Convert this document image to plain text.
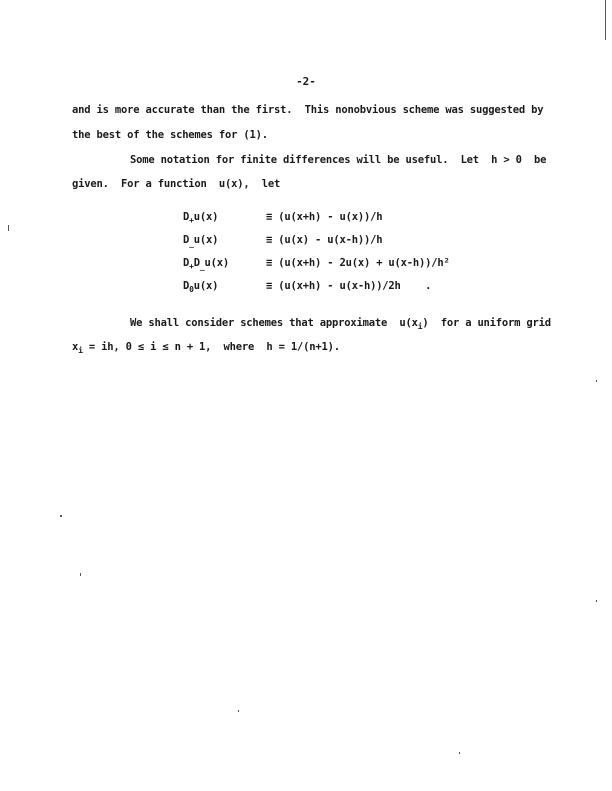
-2-
and is more accurate than the first.  This nonobvious scheme was suggested by
the best of the schemes for (1).
Some notation for finite differences will be useful.  Let  h > 0  be
given.  For a function  u(x),  let
$D_+u(x)$	≡ (u(x+h) - u(x))/h
$D_{\_}u(x)$	≡ (u(x) - u(x-h))/h
$D_+D_{\_}u(x)$	≡ (u(x+h) - 2u(x) + u(x-h))/h²
$D_0u(x)$	≡ (u(x+h) - u(x-h))/2h    .
We shall consider schemes that approximate  $u(x_i)$  for a uniform grid
$x_i$ = ih, 0 ≤ i ≤ n + 1,  where  h = 1/(n+1).
